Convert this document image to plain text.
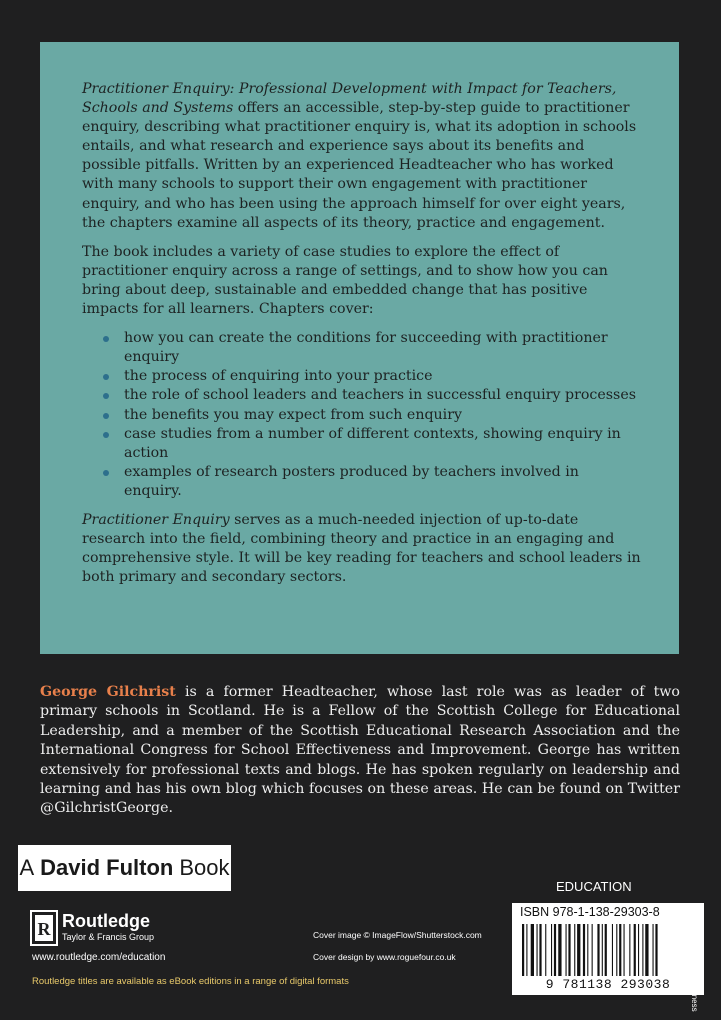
Practitioner Enquiry: Professional Development with Impact for Teachers, Schools and Systems offers an accessible, step-by-step guide to practitioner enquiry, describing what practitioner enquiry is, what its adoption in schools entails, and what research and experience says about its benefits and possible pitfalls. Written by an experienced Headteacher who has worked with many schools to support their own engagement with practitioner enquiry, and who has been using the approach himself for over eight years, the chapters examine all aspects of its theory, practice and engagement.

The book includes a variety of case studies to explore the effect of practitioner enquiry across a range of settings, and to show how you can bring about deep, sustainable and embedded change that has positive impacts for all learners. Chapters cover:

how you can create the conditions for succeeding with practitioner enquiry
the process of enquiring into your practice
the role of school leaders and teachers in successful enquiry processes
the benefits you may expect from such enquiry
case studies from a number of different contexts, showing enquiry in action
examples of research posters produced by teachers involved in enquiry.

Practitioner Enquiry serves as a much-needed injection of up-to-date research into the field, combining theory and practice in an engaging and comprehensive style. It will be key reading for teachers and school leaders in both primary and secondary sectors.

George Gilchrist is a former Headteacher, whose last role was as leader of two primary schools in Scotland. He is a Fellow of the Scottish College for Educational Leadership, and a member of the Scottish Educational Research Association and the International Congress for School Effectiveness and Improvement. George has written extensively for professional texts and blogs. He has spoken regularly on leadership and learning and has his own blog which focuses on these areas. He can be found on Twitter @GilchristGeorge.

A David Fulton Book
R Routledge
Taylor & Francis Group
www.routledge.com/education
Routledge titles are available as eBook editions in a range of digital formats
Cover image © ImageFlow/Shutterstock.com
Cover design by www.roguefour.co.uk
EDUCATION
ISBN 978-1-138-29303-8
9 781138 293038	an informa business
